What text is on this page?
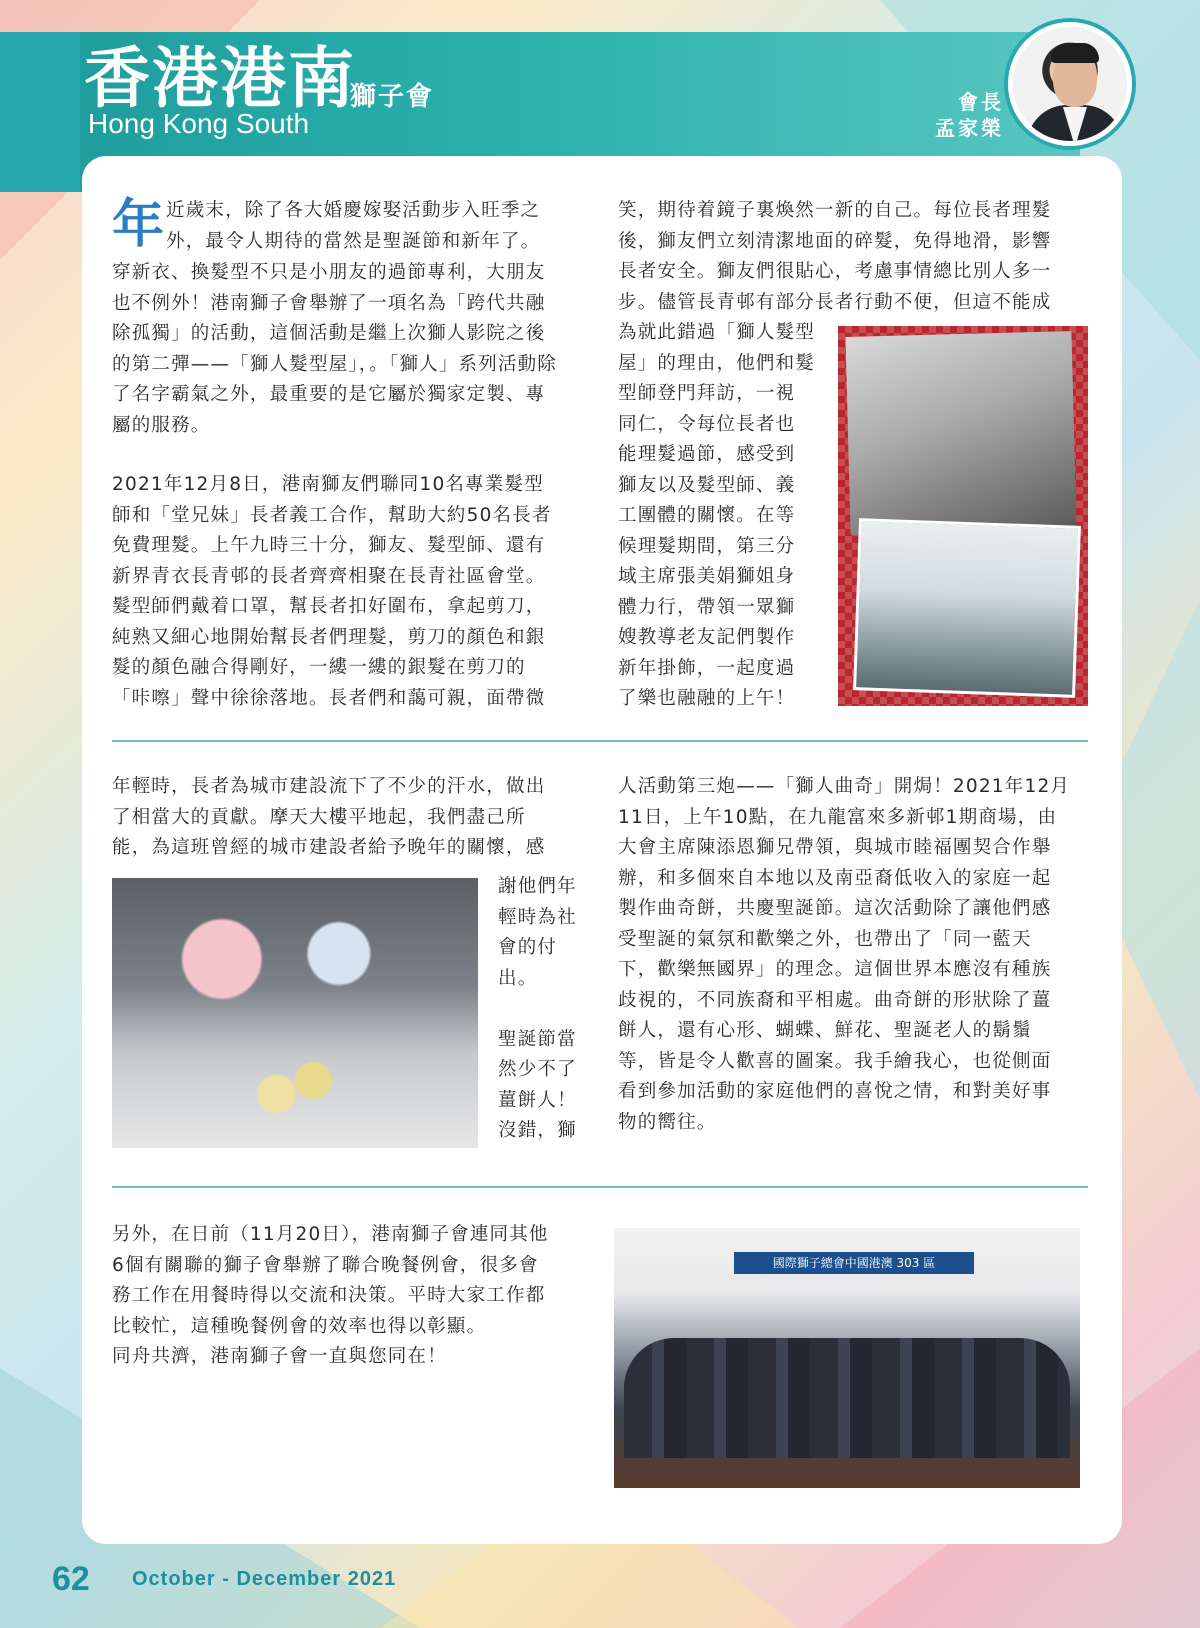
香港港南
獅子會
Hong Kong South
會長
孟家榮
年 近歲末，除了各大婚慶嫁娶活動步入旺季之
外，最令人期待的當然是聖誕節和新年了。
穿新衣、換髮型不只是小朋友的過節專利，大朋友
也不例外！港南獅子會舉辦了一項名為「跨代共融
除孤獨」的活動，這個活動是繼上次獅人影院之後
的第二彈——「獅人髮型屋」，。「獅人」系列活動除
了名字霸氣之外，最重要的是它屬於獨家定製、專
屬的服務。
2021年12月8日，港南獅友們聯同10名專業髮型
師和「堂兄妹」長者義工合作，幫助大約50名長者
免費理髮。上午九時三十分，獅友、髮型師、還有
新界青衣長青邨的長者齊齊相聚在長青社區會堂。
髮型師們戴着口罩，幫長者扣好圍布，拿起剪刀，
純熟又細心地開始幫長者們理髮，剪刀的顏色和銀
髮的顏色融合得剛好，一縷一縷的銀髮在剪刀的
「咔嚓」聲中徐徐落地。長者們和藹可親，面帶微
笑，期待着鏡子裏煥然一新的自己。每位長者理髮
後，獅友們立刻清潔地面的碎髮，免得地滑，影響
長者安全。獅友們很貼心，考慮事情總比別人多一
步。儘管長青邨有部分長者行動不便，但這不能成
為就此錯過「獅人髮型
屋」的理由，他們和髮
型師登門拜訪，一視
同仁，令每位長者也
能理髮過節，感受到
獅友以及髮型師、義
工團體的關懷。在等
候理髮期間，第三分
域主席張美娟獅姐身
體力行，帶領一眾獅
嫂教導老友記們製作
新年掛飾，一起度過
了樂也融融的上午！
年輕時，長者為城市建設流下了不少的汗水，做出
了相當大的貢獻。摩天大樓平地起，我們盡己所
能，為這班曾經的城市建設者給予晚年的關懷，感
謝他們年
輕時為社
會的付
出。

聖誕節當
然少不了
薑餅人！
沒錯，獅
人活動第三炮——「獅人曲奇」開焗！2021年12月
11日，上午10點，在九龍富來多新邨1期商場，由
大會主席陳添恩獅兄帶領，與城市睦福團契合作舉
辦，和多個來自本地以及南亞裔低收入的家庭一起
製作曲奇餅，共慶聖誕節。這次活動除了讓他們感
受聖誕的氣氛和歡樂之外，也帶出了「同一藍天
下，歡樂無國界」的理念。這個世界本應沒有種族
歧視的，不同族裔和平相處。曲奇餅的形狀除了薑
餅人，還有心形、蝴蝶、鮮花、聖誕老人的鬍鬚
等，皆是令人歡喜的圖案。我手繪我心，也從側面
看到參加活動的家庭他們的喜悅之情，和對美好事
物的嚮往。
另外，在日前（11月20日），港南獅子會連同其他
6個有關聯的獅子會舉辦了聯合晚餐例會，很多會
務工作在用餐時得以交流和決策。平時大家工作都
比較忙，這種晚餐例會的效率也得以彰顯。
同舟共濟，港南獅子會一直與您同在！
國際獅子總會中國港澳 303 區
62 October - December 2021
